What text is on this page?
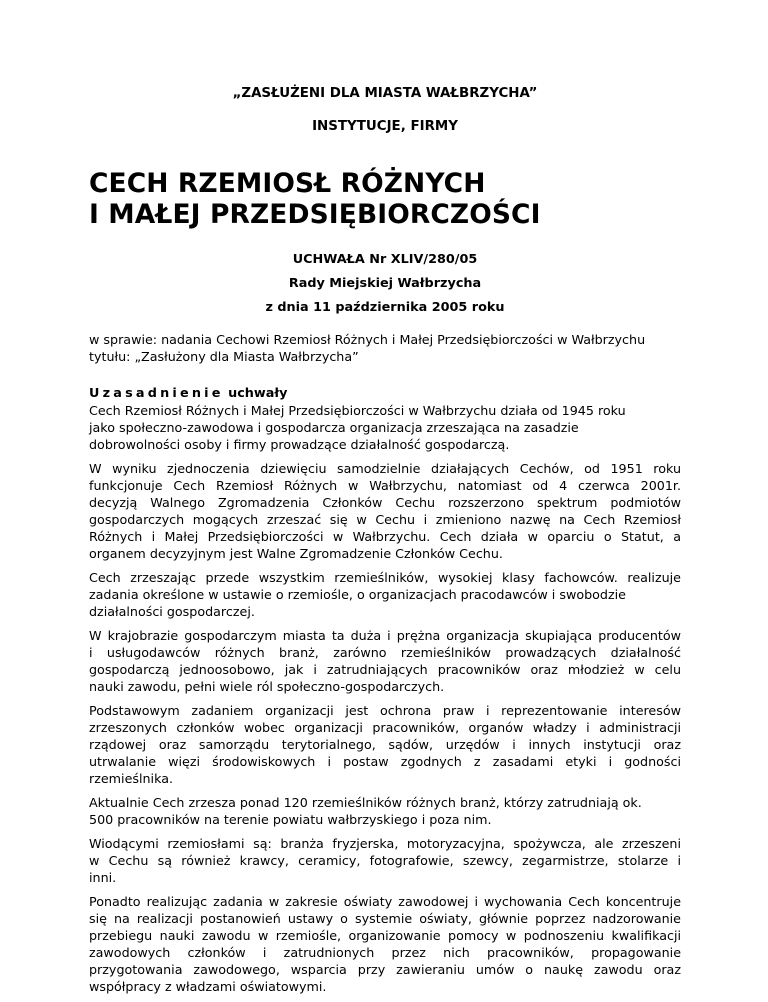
„ZASŁUŻENI DLA MIASTA WAŁBRZYCHA”
INSTYTUCJE, FIRMY
CECH RZEMIOSŁ RÓŻNYCH
I MAŁEJ PRZEDSIĘBIORCZOŚCI
UCHWAŁA Nr XLIV/280/05
Rady Miejskiej Wałbrzycha
z dnia 11 października 2005 roku
w sprawie: nadania Cechowi Rzemiosł Różnych i Małej Przedsiębiorczości w Wałbrzychu
tytułu: „Zasłużony dla Miasta Wałbrzycha”
Uzasadnienie uchwały
Cech Rzemiosł Różnych i Małej Przedsiębiorczości w Wałbrzychu działa od 1945 roku
jako społeczno-zawodowa i gospodarcza organizacja zrzeszająca na zasadzie
dobrowolności osoby i firmy prowadzące działalność gospodarczą.
W wyniku zjednoczenia dziewięciu samodzielnie działających Cechów, od 1951 roku
funkcjonuje Cech Rzemiosł Różnych w Wałbrzychu, natomiast od 4 czerwca 2001r.
decyzją Walnego Zgromadzenia Członków Cechu rozszerzono spektrum podmiotów
gospodarczych mogących zrzeszać się w Cechu i zmieniono nazwę na Cech Rzemiosł
Różnych i Małej Przedsiębiorczości w Wałbrzychu. Cech działa w oparciu o Statut, a
organem decyzyjnym jest Walne Zgromadzenie Członków Cechu.
Cech zrzeszając przede wszystkim rzemieślników, wysokiej klasy fachowców. realizuje
zadania określone w ustawie o rzemiośle, o organizacjach pracodawców i swobodzie
działalności gospodarczej.
W krajobrazie gospodarczym miasta ta duża i prężna organizacja skupiająca producentów
i usługodawców różnych branż, zarówno rzemieślników prowadzących działalność
gospodarczą jednoosobowo, jak i zatrudniających pracowników oraz młodzież w celu
nauki zawodu, pełni wiele ról społeczno-gospodarczych.
Podstawowym zadaniem organizacji jest ochrona praw i reprezentowanie interesów
zrzeszonych członków wobec organizacji pracowników, organów władzy i administracji
rządowej oraz samorządu terytorialnego, sądów, urzędów i innych instytucji oraz
utrwalanie więzi środowiskowych i postaw zgodnych z zasadami etyki i godności
rzemieślnika.
Aktualnie Cech zrzesza ponad 120 rzemieślników różnych branż, którzy zatrudniają ok.
500 pracowników na terenie powiatu wałbrzyskiego i poza nim.
Wiodącymi rzemiosłami są: branża fryzjerska, motoryzacyjna, spożywcza, ale zrzeszeni
w Cechu są również krawcy, ceramicy, fotografowie, szewcy, zegarmistrze, stolarze i
inni.
Ponadto realizując zadania w zakresie oświaty zawodowej i wychowania Cech koncentruje
się na realizacji postanowień ustawy o systemie oświaty, głównie poprzez nadzorowanie
przebiegu nauki zawodu w rzemiośle, organizowanie pomocy w podnoszeniu kwalifikacji
zawodowych członków i zatrudnionych przez nich pracowników, propagowanie
przygotowania zawodowego, wsparcia przy zawieraniu umów o naukę zawodu oraz
współpracy z władzami oświatowymi.
